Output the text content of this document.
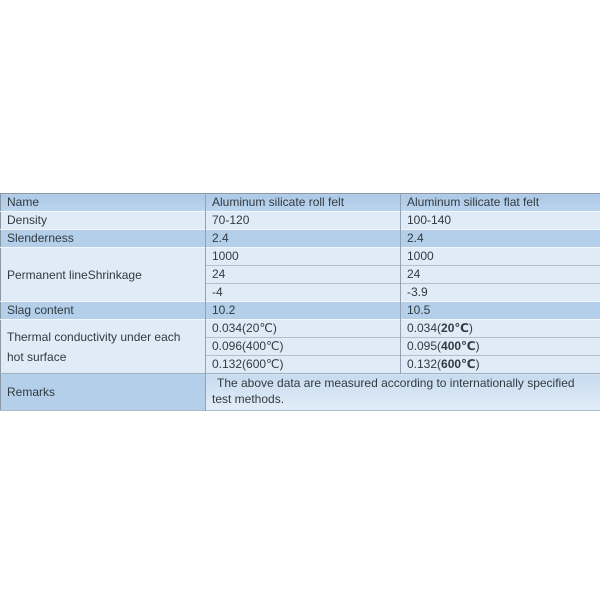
Name	Aluminum silicate roll felt	Aluminum silicate flat felt
Density	70-120	100-140
Slenderness	2.4	2.4
Permanent lineShrinkage	1000	1000
	24	24
	-4	-3.9
Slag content	10.2	10.5
Thermal conductivity under each hot surface	0.034(20℃)	0.034(20℃)
	0.096(400℃)	0.095(400℃)
	0.132(600℃)	0.132(600℃)
Remarks	The above data are measured according to internationally specified test methods.	
